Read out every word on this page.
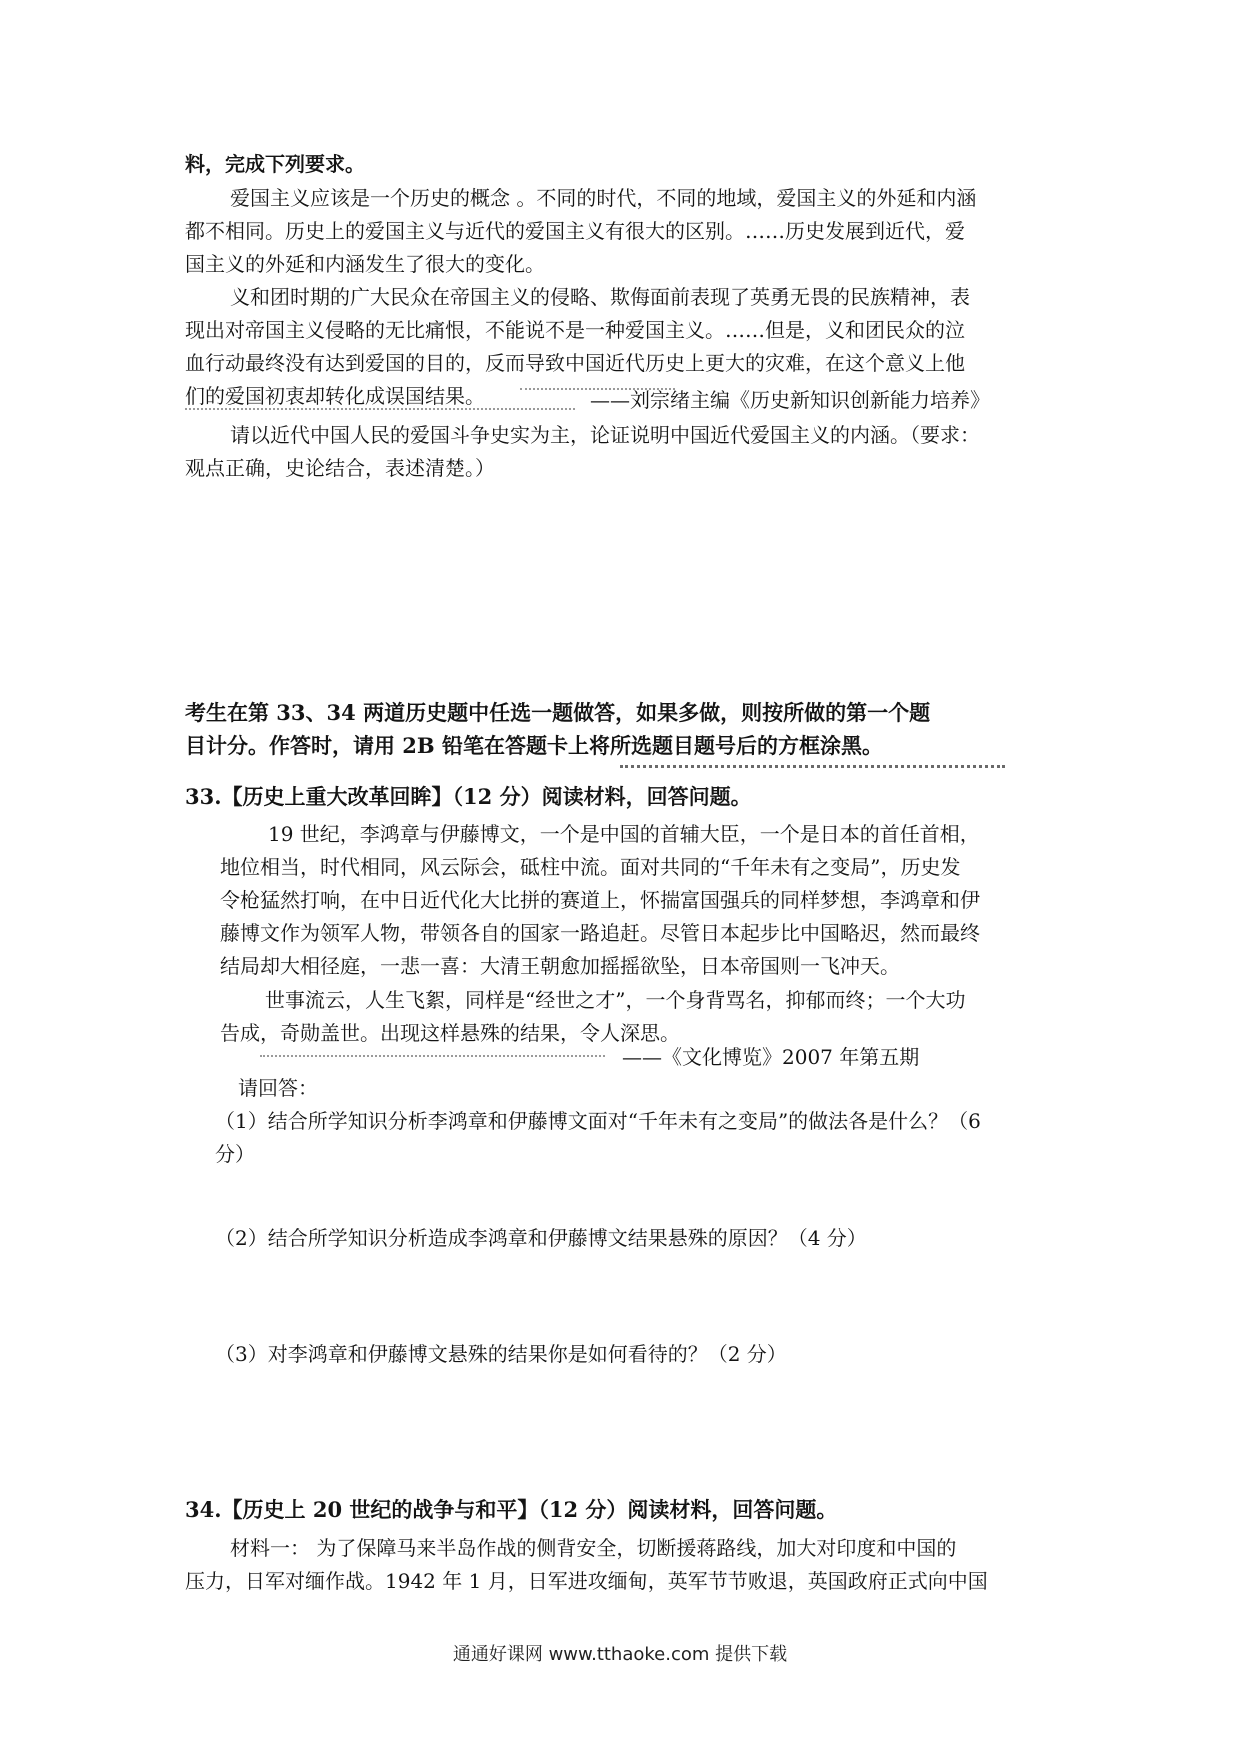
料，完成下列要求。
爱国主义应该是一个历史的概念 。不同的时代，不同的地域，爱国主义的外延和内涵
都不相同。历史上的爱国主义与近代的爱国主义有很大的区别。……历史发展到近代，爱
国主义的外延和内涵发生了很大的变化。
义和团时期的广大民众在帝国主义的侵略、欺侮面前表现了英勇无畏的民族精神，表
现出对帝国主义侵略的无比痛恨，不能说不是一种爱国主义。……但是，义和团民众的泣
血行动最终没有达到爱国的目的，反而导致中国近代历史上更大的灾难，在这个意义上他
们的爱国初衷却转化成误国结果。	——刘宗绪主编《历史新知识创新能力培养》
请以近代中国人民的爱国斗争史实为主，论证说明中国近代爱国主义的内涵。（要求：
观点正确，史论结合，表述清楚。）
考生在第 33、34 两道历史题中任选一题做答，如果多做，则按所做的第一个题
目计分。作答时，请用 2B 铅笔在答题卡上将所选题目题号后的方框涂黑。
33.【历史上重大改革回眸】（12 分）阅读材料，回答问题。
19 世纪，李鸿章与伊藤博文，一个是中国的首辅大臣，一个是日本的首任首相，
地位相当，时代相同，风云际会，砥柱中流。面对共同的“千年未有之变局”，历史发
令枪猛然打响，在中日近代化大比拼的赛道上，怀揣富国强兵的同样梦想，李鸿章和伊
藤博文作为领军人物，带领各自的国家一路追赶。尽管日本起步比中国略迟，然而最终
结局却大相径庭，一悲一喜：大清王朝愈加摇摇欲坠，日本帝国则一飞冲天。
世事流云，人生飞絮，同样是“经世之才”，一个身背骂名，抑郁而终；一个大功
告成，奇勋盖世。出现这样悬殊的结果，令人深思。
——《文化博览》2007 年第五期
请回答：
（1）结合所学知识分析李鸿章和伊藤博文面对“千年未有之变局”的做法各是什么？（6
分）
（2）结合所学知识分析造成李鸿章和伊藤博文结果悬殊的原因？（4 分）
（3）对李鸿章和伊藤博文悬殊的结果你是如何看待的？（2 分）
34.【历史上 20 世纪的战争与和平】（12 分）阅读材料，回答问题。
材料一： 为了保障马来半岛作战的侧背安全，切断援蒋路线，加大对印度和中国的
压力，日军对缅作战。1942 年 1 月，日军进攻缅甸，英军节节败退，英国政府正式向中国
通通好课网 www.tthaoke.com 提供下载
